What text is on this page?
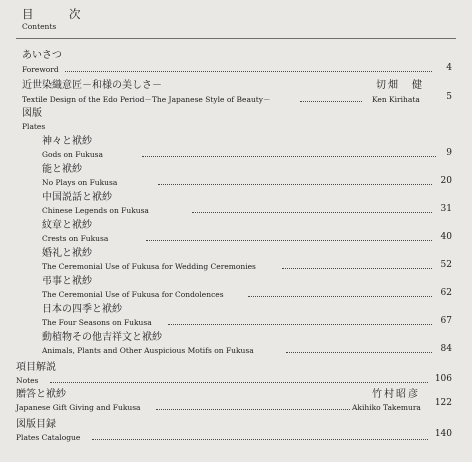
目　次
Contents
あいさつ
Foreword	4
近世染織意匠－和様の美しさ－
Textile Design of the Edo Period－The Japanese Style of Beauty－
切畑　健
Ken Kirihata	5
図版
Plates
神々と袱紗
Gods on Fukusa	9
能と袱紗
No Plays on Fukusa	20
中国説話と袱紗
Chinese Legends on Fukusa	31
紋章と袱紗
Crests on Fukusa	40
婚礼と袱紗
The Ceremonial Use of Fukusa for Wedding Ceremonies	52
弔事と袱紗
The Ceremonial Use of Fukusa for Condolences	62
日本の四季と袱紗
The Four Seasons on Fukusa	67
動植物その他吉祥文と袱紗
Animals, Plants and Other Auspicious Motifs on Fukusa	84
項目解説
Notes	106
贈答と袱紗
Japanese Gift Giving and Fukusa
竹村昭彦
Akihiko Takemura 122
図版目録
Plates Catalogue	140
